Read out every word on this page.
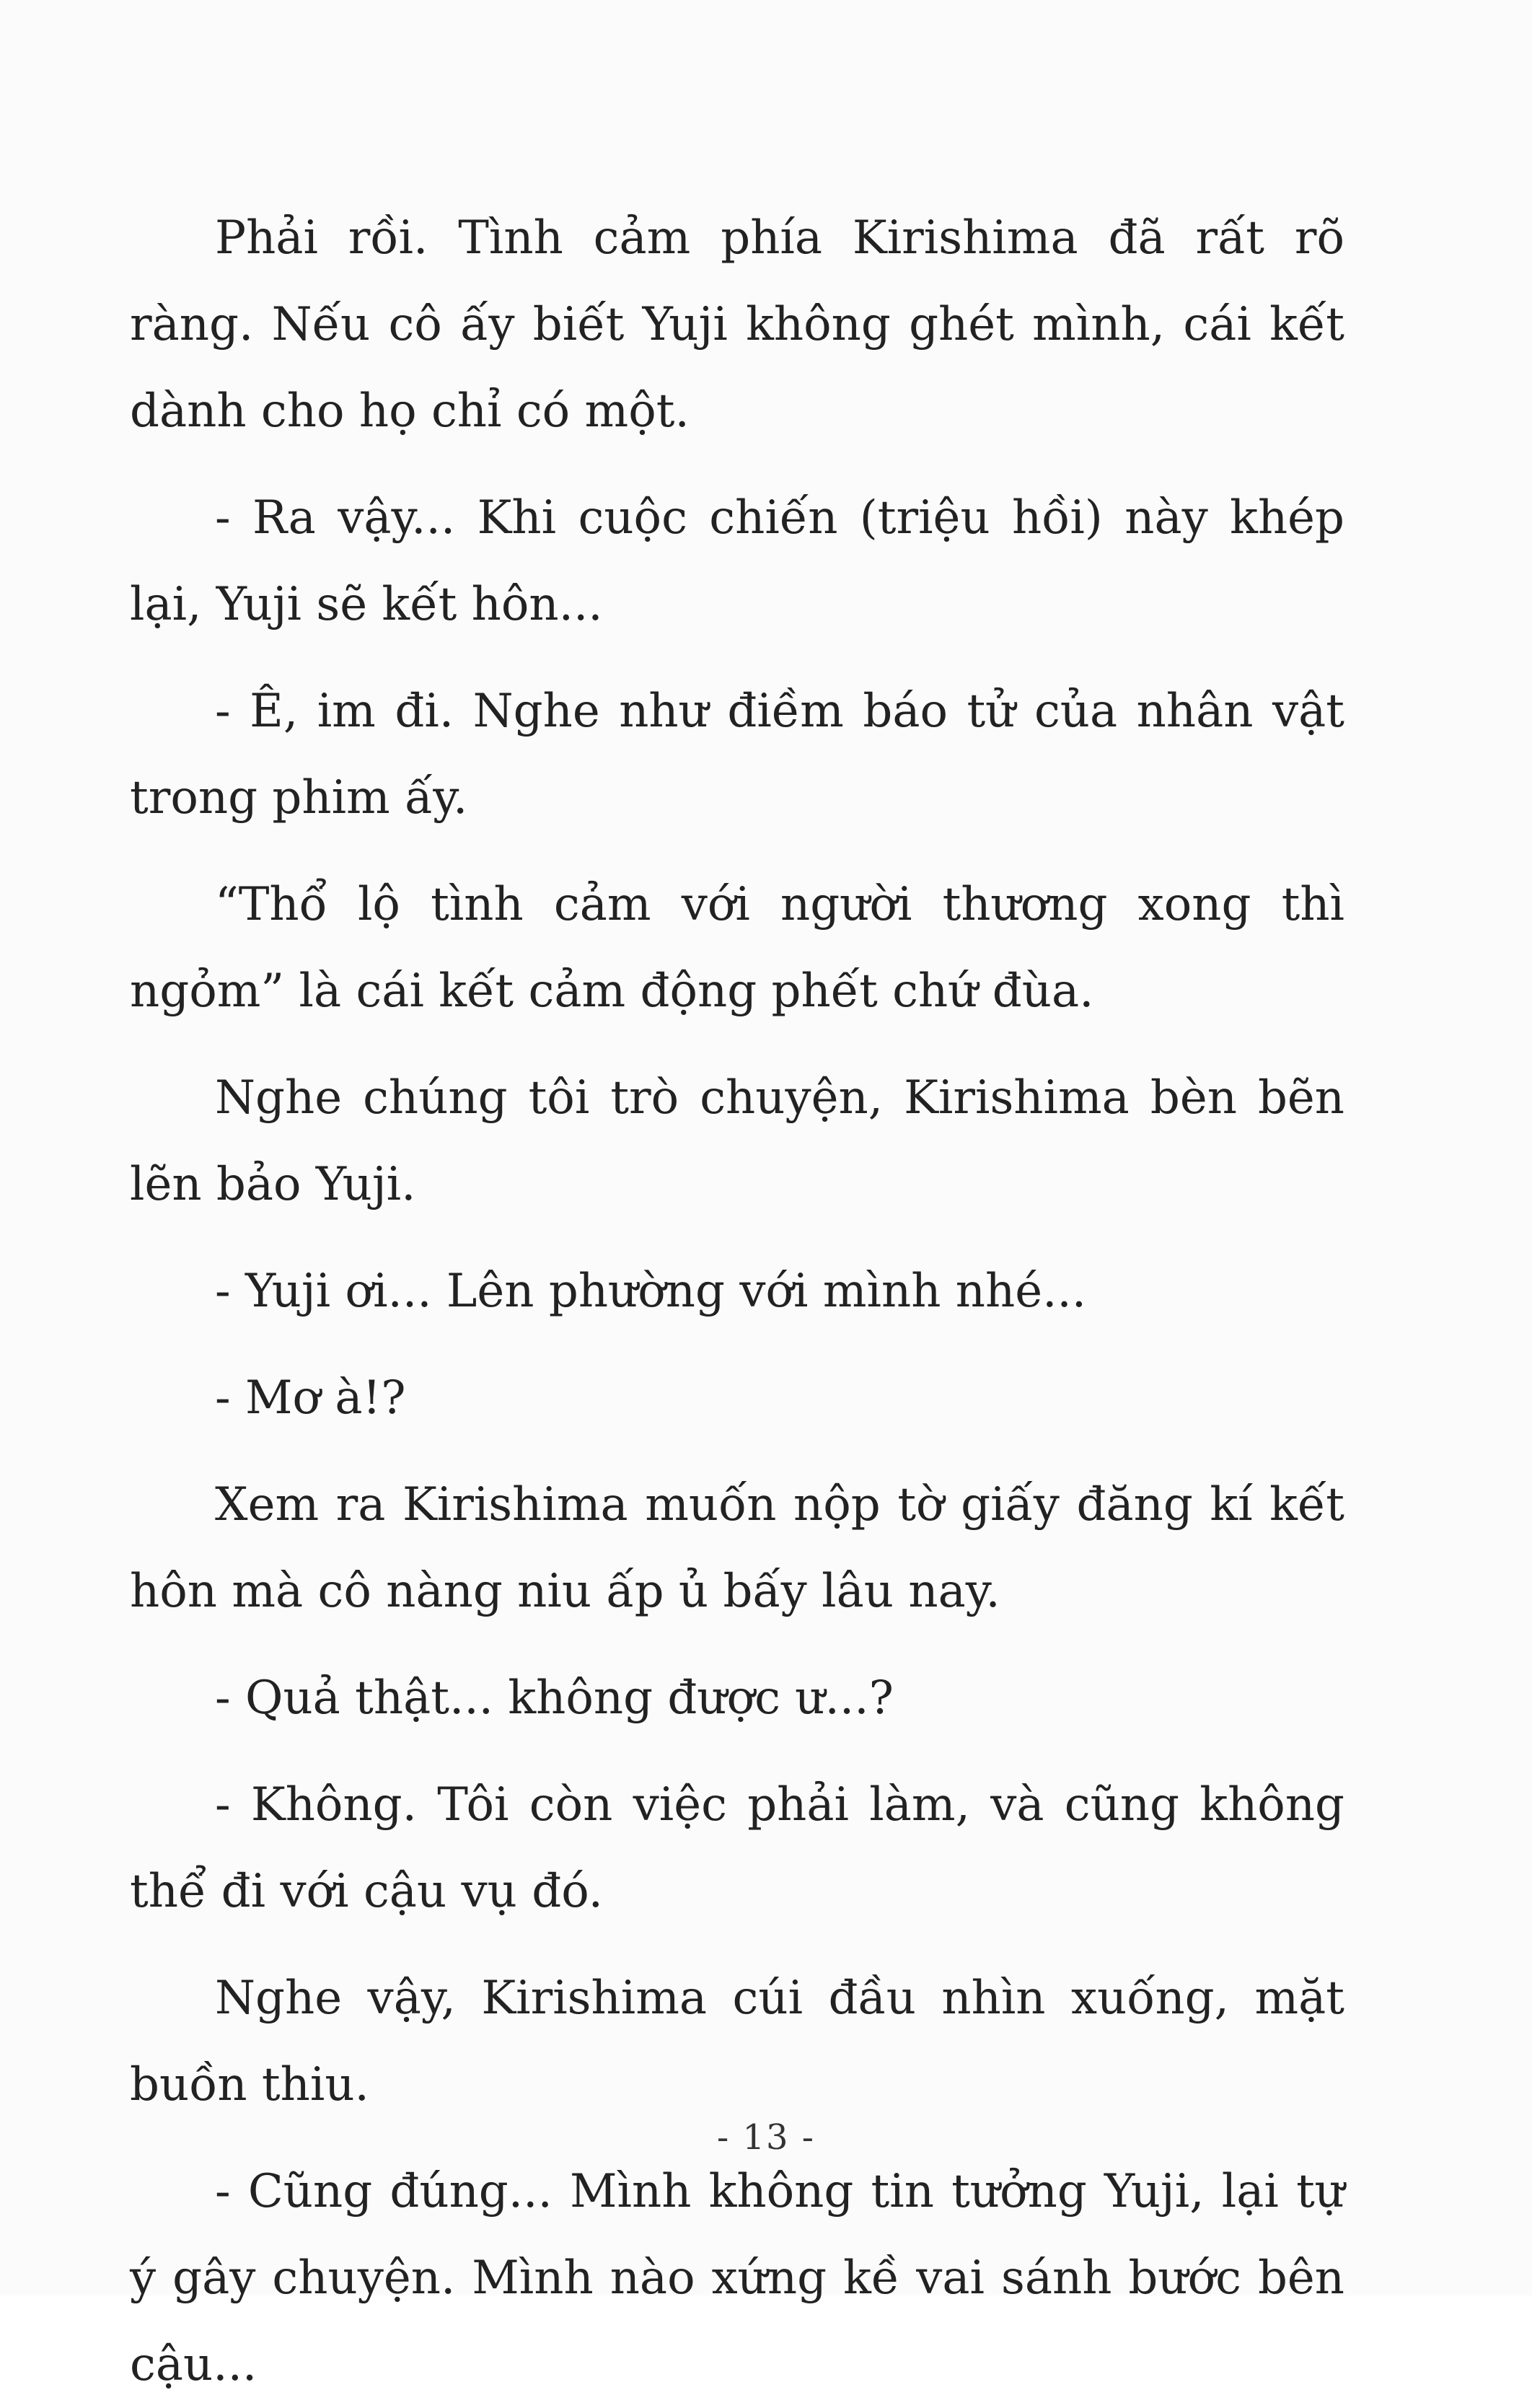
Phải rồi. Tình cảm phía Kirishima đã rất rõ ràng. Nếu cô ấy biết Yuji không ghét mình, cái kết dành cho họ chỉ có một.

- Ra vậy... Khi cuộc chiến (triệu hồi) này khép lại, Yuji sẽ kết hôn...

- Ê, im đi. Nghe như điềm báo tử của nhân vật trong phim ấy.

“Thổ lộ tình cảm với người thương xong thì ngỏm” là cái kết cảm động phết chứ đùa.

Nghe chúng tôi trò chuyện, Kirishima bèn bẽn lẽn bảo Yuji.

- Yuji ơi... Lên phường với mình nhé...

- Mơ à!?

Xem ra Kirishima muốn nộp tờ giấy đăng kí kết hôn mà cô nàng niu ấp ủ bấy lâu nay.

- Quả thật... không được ư...?

- Không. Tôi còn việc phải làm, và cũng không thể đi với cậu vụ đó.

Nghe vậy, Kirishima cúi đầu nhìn xuống, mặt buồn thiu.

- Cũng đúng... Mình không tin tưởng Yuji, lại tự ý gây chuyện. Mình nào xứng kề vai sánh bước bên cậu...

- 13 -
